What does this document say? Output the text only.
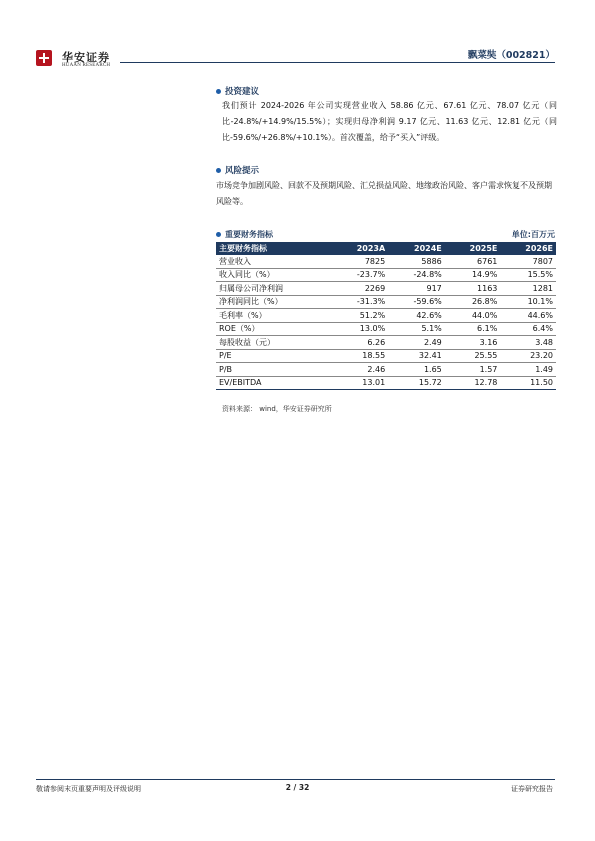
华安证券
HUAAN RESEARCH
飘菜奘（002821）
投资建议
我们预计 2024-2026 年公司实现营业收入 58.86 亿元、67.61 亿元、78.07 亿元（同比-24.8%/+14.9%/15.5%）；实现归母净利润 9.17 亿元、11.63 亿元、12.81 亿元（同比-59.6%/+26.8%/+10.1%）。首次覆盖，给予“买入”评级。
风险提示
市场竞争加剧风险、回款不及预期风险、汇兑损益风险、地缘政治风险、客户需求恢复不及预期风险等。
重要财务指标	单位:百万元
主要财务指标	2023A	2024E	2025E	2026E
营业收入	7825	5886	6761	7807
收入同比（%）	-23.7%	-24.8%	14.9%	15.5%
归属母公司净利润	2269	917	1163	1281
净利润同比（%）	-31.3%	-59.6%	26.8%	10.1%
毛利率（%）	51.2%	42.6%	44.0%	44.6%
ROE（%）	13.0%	5.1%	6.1%	6.4%
每股收益（元）	6.26	2.49	3.16	3.48
P/E	18.55	32.41	25.55	23.20
P/B	2.46	1.65	1.57	1.49
EV/EBITDA	13.01	15.72	12.78	11.50
资料来源： wind，华安证券研究所
敬请参阅末页重要声明及评级说明	2 / 32	证券研究报告
